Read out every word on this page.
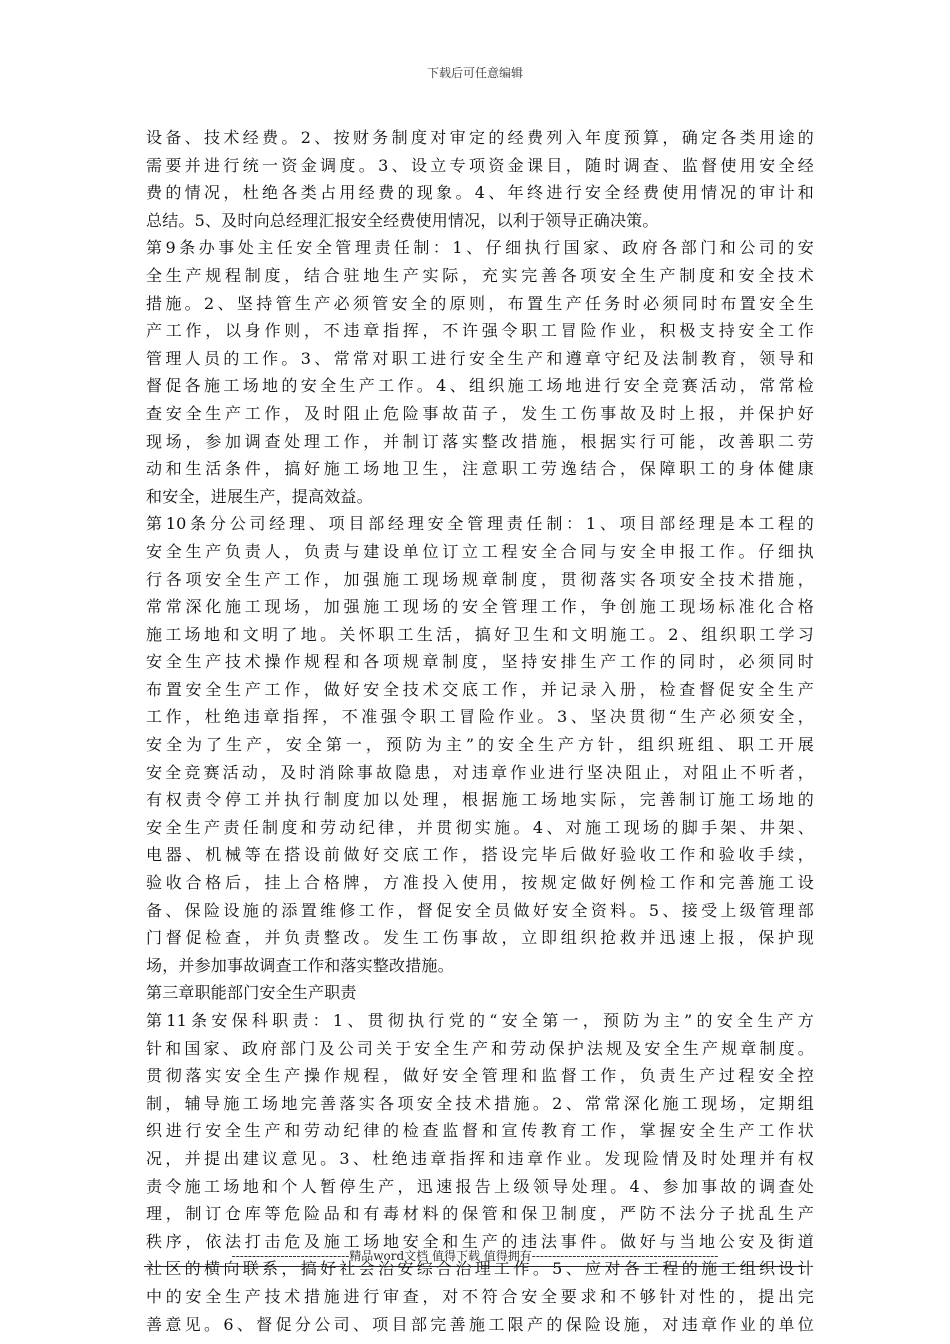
下载后可任意编辑
设备、技术经费。2、按财务制度对审定的经费列入年度预算，确定各类用途的
需要并进行统一资金调度。3、设立专项资金课目，随时调查、监督使用安全经
费的情况，杜绝各类占用经费的现象。4、年终进行安全经费使用情况的审计和
总结。5、及时向总经理汇报安全经费使用情况，以利于领导正确决策。
第9条办事处主任安全管理责任制：1、仔细执行国家、政府各部门和公司的安
全生产规程制度，结合驻地生产实际，充实完善各项安全生产制度和安全技术
措施。2、坚持管生产必须管安全的原则，布置生产任务时必须同时布置安全生
产工作，以身作则，不违章指挥，不许强令职工冒险作业，积极支持安全工作
管理人员的工作。3、常常对职工进行安全生产和遵章守纪及法制教育，领导和
督促各施工场地的安全生产工作。4、组织施工场地进行安全竞赛活动，常常检
查安全生产工作，及时阻止危险事故苗子，发生工伤事故及时上报，并保护好
现场，参加调查处理工作，并制订落实整改措施，根据实行可能，改善职二劳
动和生活条件，搞好施工场地卫生，注意职工劳逸结合，保障职工的身体健康
和安全，进展生产，提高效益。
第10条分公司经理、项目部经理安全管理责任制：1、项目部经理是本工程的
安全生产负责人，负责与建设单位订立工程安全合同与安全申报工作。仔细执
行各项安全生产工作，加强施工现场规章制度，贯彻落实各项安全技术措施，
常常深化施工现场，加强施工现场的安全管理工作，争创施工现场标准化合格
施工场地和文明了地。关怀职工生活，搞好卫生和文明施工。2、组织职工学习
安全生产技术操作规程和各项规章制度，坚持安排生产工作的同时，必须同时
布置安全生产工作，做好安全技术交底工作，并记录入册，检查督促安全生产
工作，杜绝违章指挥，不准强令职工冒险作业。3、坚决贯彻“生产必须安全，
安全为了生产，安全第一，预防为主”的安全生产方针，组织班组、职工开展
安全竞赛活动，及时消除事故隐患，对违章作业进行坚决阻止，对阻止不听者，
有权责令停工并执行制度加以处理，根据施工场地实际，完善制订施工场地的
安全生产责任制度和劳动纪律，并贯彻实施。4、对施工现场的脚手架、井架、
电器、机械等在搭设前做好交底工作，搭设完毕后做好验收工作和验收手续，
验收合格后，挂上合格牌，方准投入使用，按规定做好例检工作和完善施工设
备、保险设施的添置维修工作，督促安全员做好安全资料。5、接受上级管理部
门督促检查，并负责整改。发生工伤事故，立即组织抢救并迅速上报，保护现
场，并参加事故调查工作和落实整改措施。
第三章职能部门安全生产职责
第11条安保科职责：1、贯彻执行党的“安全第一，预防为主”的安全生产方
针和国家、政府部门及公司关于安全生产和劳动保护法规及安全生产规章制度。
贯彻落实安全生产操作规程，做好安全管理和监督工作，负责生产过程安全控
制，辅导施工场地完善落实各项安全技术措施。2、常常深化施工现场，定期组
织进行安全生产和劳动纪律的检查监督和宣传教育工作，掌握安全生产工作状
况，并提出建议意见。3、杜绝违章指挥和违章作业。发现险情及时处理并有权
责令施工场地和个人暂停生产，迅速报告上级领导处理。4、参加事故的调查处
理，制订仓库等危险品和有毒材料的保管和保卫制度，严防不法分子扰乱生产
秩序，依法打击危及施工场地安全和生产的违法事件。做好与当地公安及街道
社区的横向联系，搞好社会治安综合治理工作。5、应对各工程的施工组织设计
中的安全生产技术措施进行审查，对不符合安全要求和不够针对性的，提出完
善意见。6、督促分公司、项目部完善施工限产的保险设施，对违章作业的单位
-----------------------------精品word文档 值得下载 值得拥有----------------------------------------------
